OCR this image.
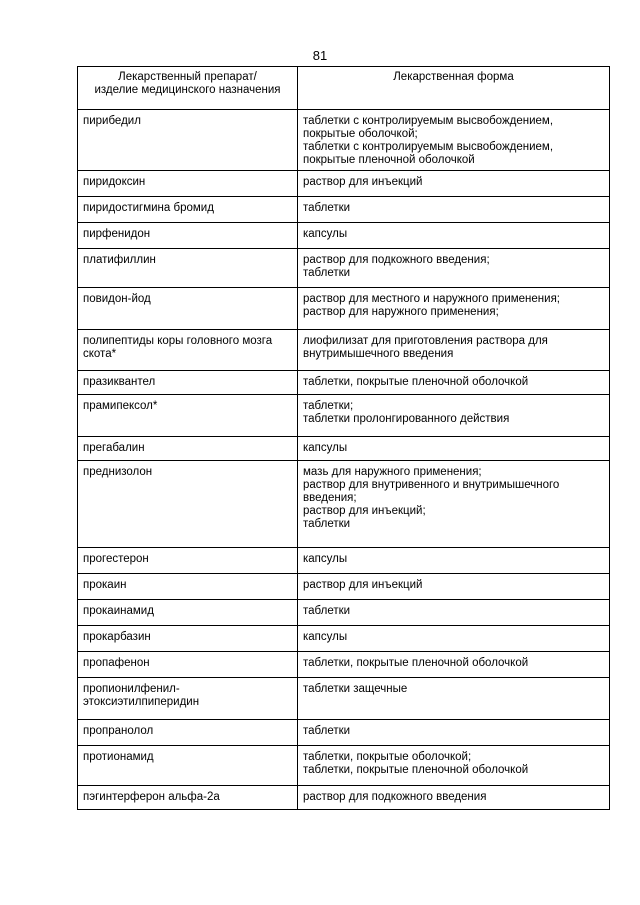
81
Лекарственный препарат/
изделие медицинского назначения	Лекарственная форма

пирибедил	таблетки с контролируемым высвобождением,
покрытые оболочкой;
таблетки с контролируемым высвобождением,
покрытые пленочной оболочкой

пиридоксин	раствор для инъекций

пиридостигмина бромид	таблетки

пирфенидон	капсулы

платифиллин	раствор для подкожного введения;
таблетки

повидон-йод	раствор для местного и наружного применения;
раствор для наружного применения;

полипептиды коры головного мозга
скота*	лиофилизат для приготовления раствора для
внутримышечного введения

празиквантел	таблетки, покрытые пленочной оболочкой

прамипексол*	таблетки;
таблетки пролонгированного действия

прегабалин	капсулы

преднизолон	мазь для наружного применения;
раствор для внутривенного и внутримышечного
введения;
раствор для инъекций;
таблетки

прогестерон	капсулы

прокаин	раствор для инъекций

прокаинамид	таблетки

прокарбазин	капсулы

пропафенон	таблетки, покрытые пленочной оболочкой

пропионилфенил-
этоксиэтилпиперидин	таблетки защечные

пропранолол	таблетки

протионамид	таблетки, покрытые оболочкой;
таблетки, покрытые пленочной оболочкой

пэгинтерферон альфа-2а	раствор для подкожного введения
